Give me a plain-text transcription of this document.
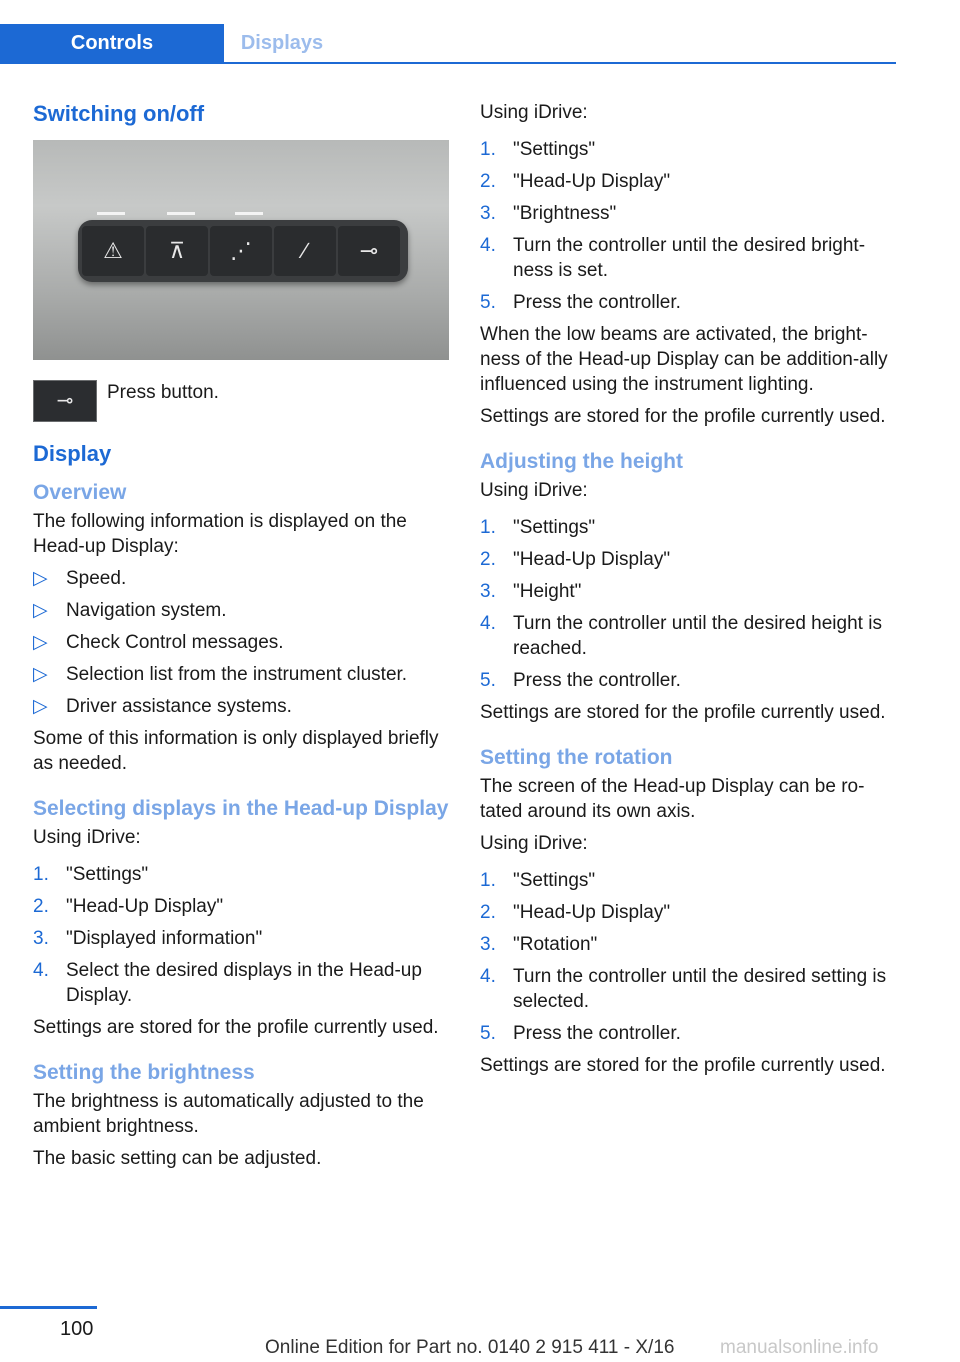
Controls	Displays
Switching on/off
⚠	⊼	⋰	∕	⊸
⊸	Press button.
Display
Overview

The following information is displayed on the Head-up Display:

▷ Speed.
▷ Navigation system.
▷ Check Control messages.
▷ Selection list from the instrument cluster.
▷ Driver assistance systems.

Some of this information is only displayed briefly as needed.

Selecting displays in the Head-up Display

Using iDrive:

1. "Settings"
2. "Head-Up Display"
3. "Displayed information"
4. Select the desired displays in the Head-up Display.

Settings are stored for the profile currently used.

Setting the brightness

The brightness is automatically adjusted to the ambient brightness.

The basic setting can be adjusted.

Using iDrive:

1. "Settings"
2. "Head-Up Display"
3. "Brightness"
4. Turn the controller until the desired bright‐ness is set.
5. Press the controller.

When the low beams are activated, the bright‐ness of the Head-up Display can be addition‐ally influenced using the instrument lighting.

Settings are stored for the profile currently used.

Adjusting the height

Using iDrive:

1. "Settings"
2. "Head-Up Display"
3. "Height"
4. Turn the controller until the desired height is reached.
5. Press the controller.

Settings are stored for the profile currently used.

Setting the rotation

The screen of the Head-up Display can be ro‐tated around its own axis.

Using iDrive:

1. "Settings"
2. "Head-Up Display"
3. "Rotation"
4. Turn the controller until the desired setting is selected.
5. Press the controller.

Settings are stored for the profile currently used.

100
Online Edition for Part no. 0140 2 915 411 - X/16 manualsonline.info
